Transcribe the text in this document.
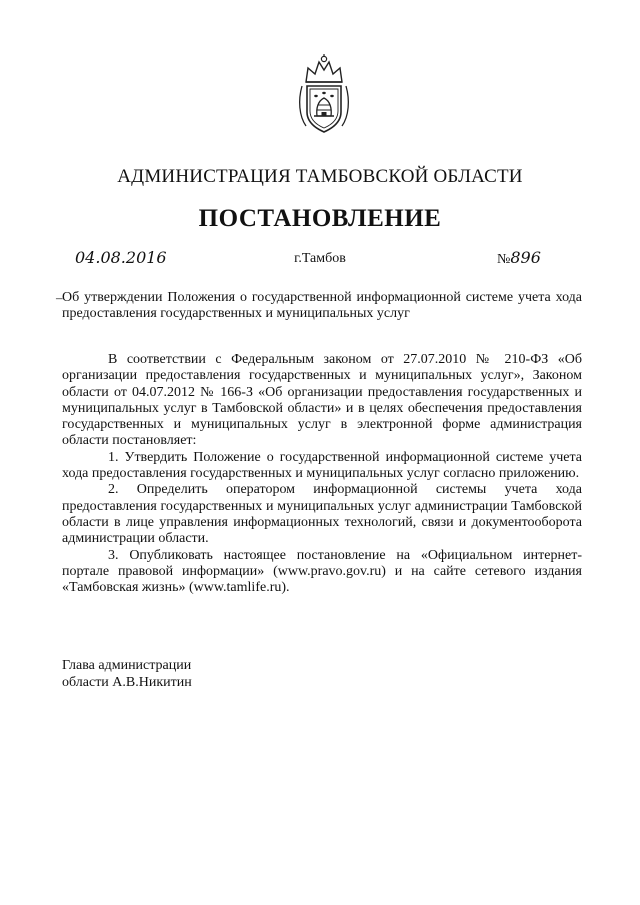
АДМИНИСТРАЦИЯ ТАМБОВСКОЙ ОБЛАСТИ
ПОСТАНОВЛЕНИЕ
04.08.2016	г.Тамбов	№896
– Об утверждении Положения о государственной информационной системе учета хода предоставления государственных и муниципальных услуг

В соответствии с Федеральным законом от 27.07.2010 № 210-ФЗ «Об организации предоставления государственных и муниципальных услуг», Законом области от 04.07.2012 № 166-З «Об организации предоставления государственных и муниципальных услуг в Тамбовской области» и в целях обеспечения предоставления государственных и муниципальных услуг в электронной форме администрация области постановляет:

1. Утвердить Положение о государственной информационной системе учета хода предоставления государственных и муниципальных услуг согласно приложению.

2. Определить оператором информационной системы учета хода предоставления государственных и муниципальных услуг администрации Тамбовской области в лице управления информационных технологий, связи и документооборота администрации области.

3. Опубликовать настоящее постановление на «Официальном интернет-портале правовой информации» (www.pravo.gov.ru) и на сайте сетевого издания «Тамбовская жизнь» (www.tamlife.ru).

Глава администрации
области А.В.Никитин
